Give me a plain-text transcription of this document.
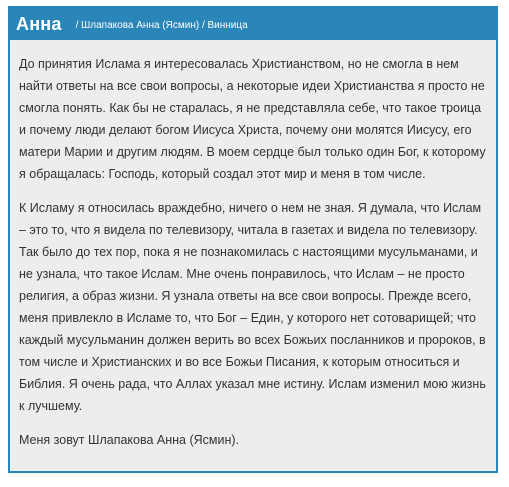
Анна / Шлапакова Анна (Ясмин) / Винница

До принятия Ислама я интересовалась Христианством, но не смогла в нем найти ответы на все свои вопросы, а некоторые идеи Христианства я просто не смогла понять. Как бы не старалась, я не представляла себе, что такое троица и почему люди делают богом Иисуса Христа, почему они молятся Иисусу, его матери Марии и другим людям. В моем сердце был только один Бог, к которому я обращалась: Господь, который создал этот мир и меня в том числе.

К Исламу я относилась враждебно, ничего о нем не зная. Я думала, что Ислам – это то, что я видела по телевизору, читала в газетах и видела по телевизору. Так было до тех пор, пока я не познакомилась с настоящими мусульманами, и не узнала, что такое Ислам. Мне очень понравилось, что Ислам – не просто религия, а образ жизни. Я узнала ответы на все свои вопросы. Прежде всего, меня привлекло в Исламе то, что Бог – Един, у которого нет сотоварищей; что каждый мусульманин должен верить во всех Божьих посланников и пророков, в том числе и Христианских и во все Божьи Писания, к которым относиться и Библия. Я очень рада, что Аллах указал мне истину. Ислам изменил мою жизнь к лучшему.

Меня зовут Шлапакова Анна (Ясмин).
